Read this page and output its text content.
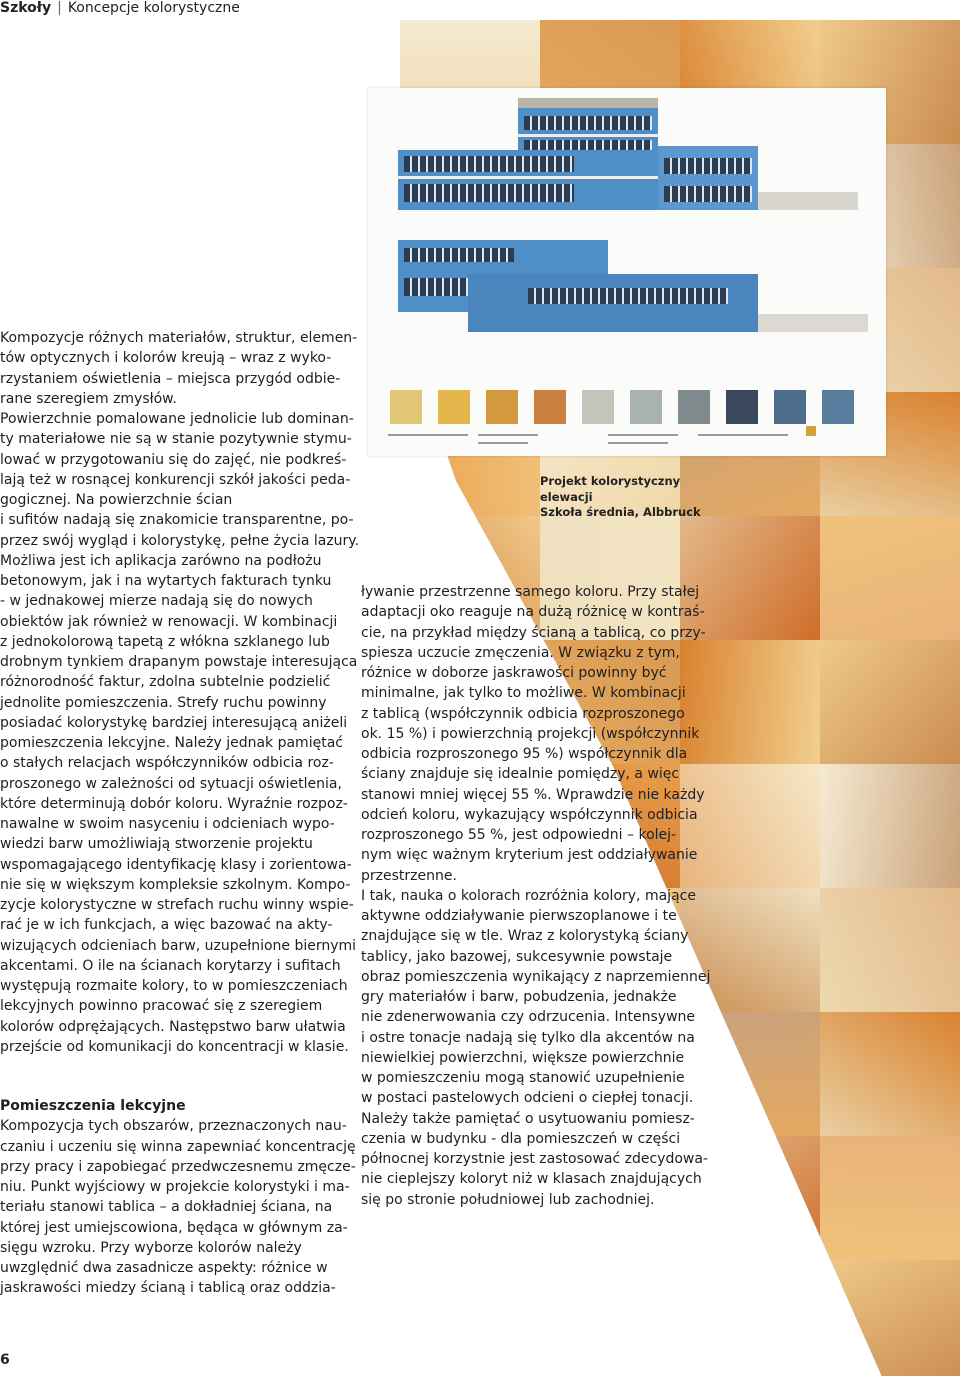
Szkoły | Koncepcje kolorystyczne
Projekt kolorystyczny
elewacji
Szkoła średnia, Albbruck
Kompozycje różnych materiałów, struktur, elemen-
tów optycznych i kolorów kreują – wraz z wyko-
rzystaniem oświetlenia – miejsca przygód odbie-
rane szeregiem zmysłów.
Powierzchnie pomalowane jednolicie lub dominan-
ty materiałowe nie są w stanie pozytywnie stymu-
lować w przygotowaniu się do zajęć, nie podkreś-
lają też w rosnącej konkurencji szkół jakości peda-
gogicznej. Na powierzchnie ścian
i sufitów nadają się znakomicie transparentne, po-
przez swój wygląd i kolorystykę, pełne życia lazury.
Możliwa jest ich aplikacja zarówno na podłożu
betonowym, jak i na wytartych fakturach tynku
- w jednakowej mierze nadają się do nowych
obiektów jak również w renowacji. W kombinacji
z jednokolorową tapetą z włókna szklanego lub
drobnym tynkiem drapanym powstaje interesująca
różnorodność faktur, zdolna subtelnie podzielić
jednolite pomieszczenia. Strefy ruchu powinny
posiadać kolorystykę bardziej interesującą aniżeli
pomieszczenia lekcyjne. Należy jednak pamiętać
o stałych relacjach współczynników odbicia roz-
proszonego w zależności od sytuacji oświetlenia,
które determinują dobór koloru. Wyraźnie rozpoz-
nawalne w swoim nasyceniu i odcieniach wypo-
wiedzi barw umożliwiają stworzenie projektu
wspomagającego identyfikację klasy i zorientowa-
nie się w większym kompleksie szkolnym. Kompo-
zycje kolorystyczne w strefach ruchu winny wspie-
rać je w ich funkcjach, a więc bazować na akty-
wizujących odcieniach barw, uzupełnione biernymi
akcentami. O ile na ścianach korytarzy i sufitach
występują rozmaite kolory, to w pomieszczeniach
lekcyjnych powinno pracować się z szeregiem
kolorów odprężających. Następstwo barw ułatwia
przejście od komunikacji do koncentracji w klasie.
Pomieszczenia lekcyjne
Kompozycja tych obszarów, przeznaczonych nau-
czaniu i uczeniu się winna zapewniać koncentrację
przy pracy i zapobiegać przedwczesnemu zmęcze-
niu. Punkt wyjściowy w projekcie kolorystyki i ma-
teriału stanowi tablica – a dokładniej ściana, na
której jest umiejscowiona, będąca w głównym za-
sięgu wzroku. Przy wyborze kolorów należy
uwzględnić dwa zasadnicze aspekty: różnice w
jaskrawości miedzy ścianą i tablicą oraz oddzia-
ływanie przestrzenne samego koloru. Przy stałej
adaptacji oko reaguje na dużą różnicę w kontraś-
cie, na przykład między ścianą a tablicą, co przy-
spiesza uczucie zmęczenia. W związku z tym,
różnice w doborze jaskrawości powinny być
minimalne, jak tylko to możliwe. W kombinacji
z tablicą (współczynnik odbicia rozproszonego
ok. 15 %) i powierzchnią projekcji (współczynnik
odbicia rozproszonego 95 %) współczynnik dla
ściany znajduje się idealnie pomiędzy, a więc
stanowi mniej więcej 55 %. Wprawdzie nie każdy
odcień koloru, wykazujący współczynnik odbicia
rozproszonego 55 %, jest odpowiedni – kolej-
nym więc ważnym kryterium jest oddziaływanie
przestrzenne.
I tak, nauka o kolorach rozróżnia kolory, mające
aktywne oddziaływanie pierwszoplanowe i te
znajdujące się w tle. Wraz z kolorystyką ściany
tablicy, jako bazowej, sukcesywnie powstaje
obraz pomieszczenia wynikający z naprzemiennej
gry materiałów i barw, pobudzenia, jednakże
nie zdenerwowania czy odrzucenia. Intensywne
i ostre tonacje nadają się tylko dla akcentów na
niewielkiej powierzchni, większe powierzchnie
w pomieszczeniu mogą stanowić uzupełnienie
w postaci pastelowych odcieni o ciepłej tonacji.
Należy także pamiętać o usytuowaniu pomiesz-
czenia w budynku - dla pomieszczeń w części
północnej korzystnie jest zastosować zdecydowa-
nie cieplejszy koloryt niż w klasach znajdujących
się po stronie południowej lub zachodniej.
6
